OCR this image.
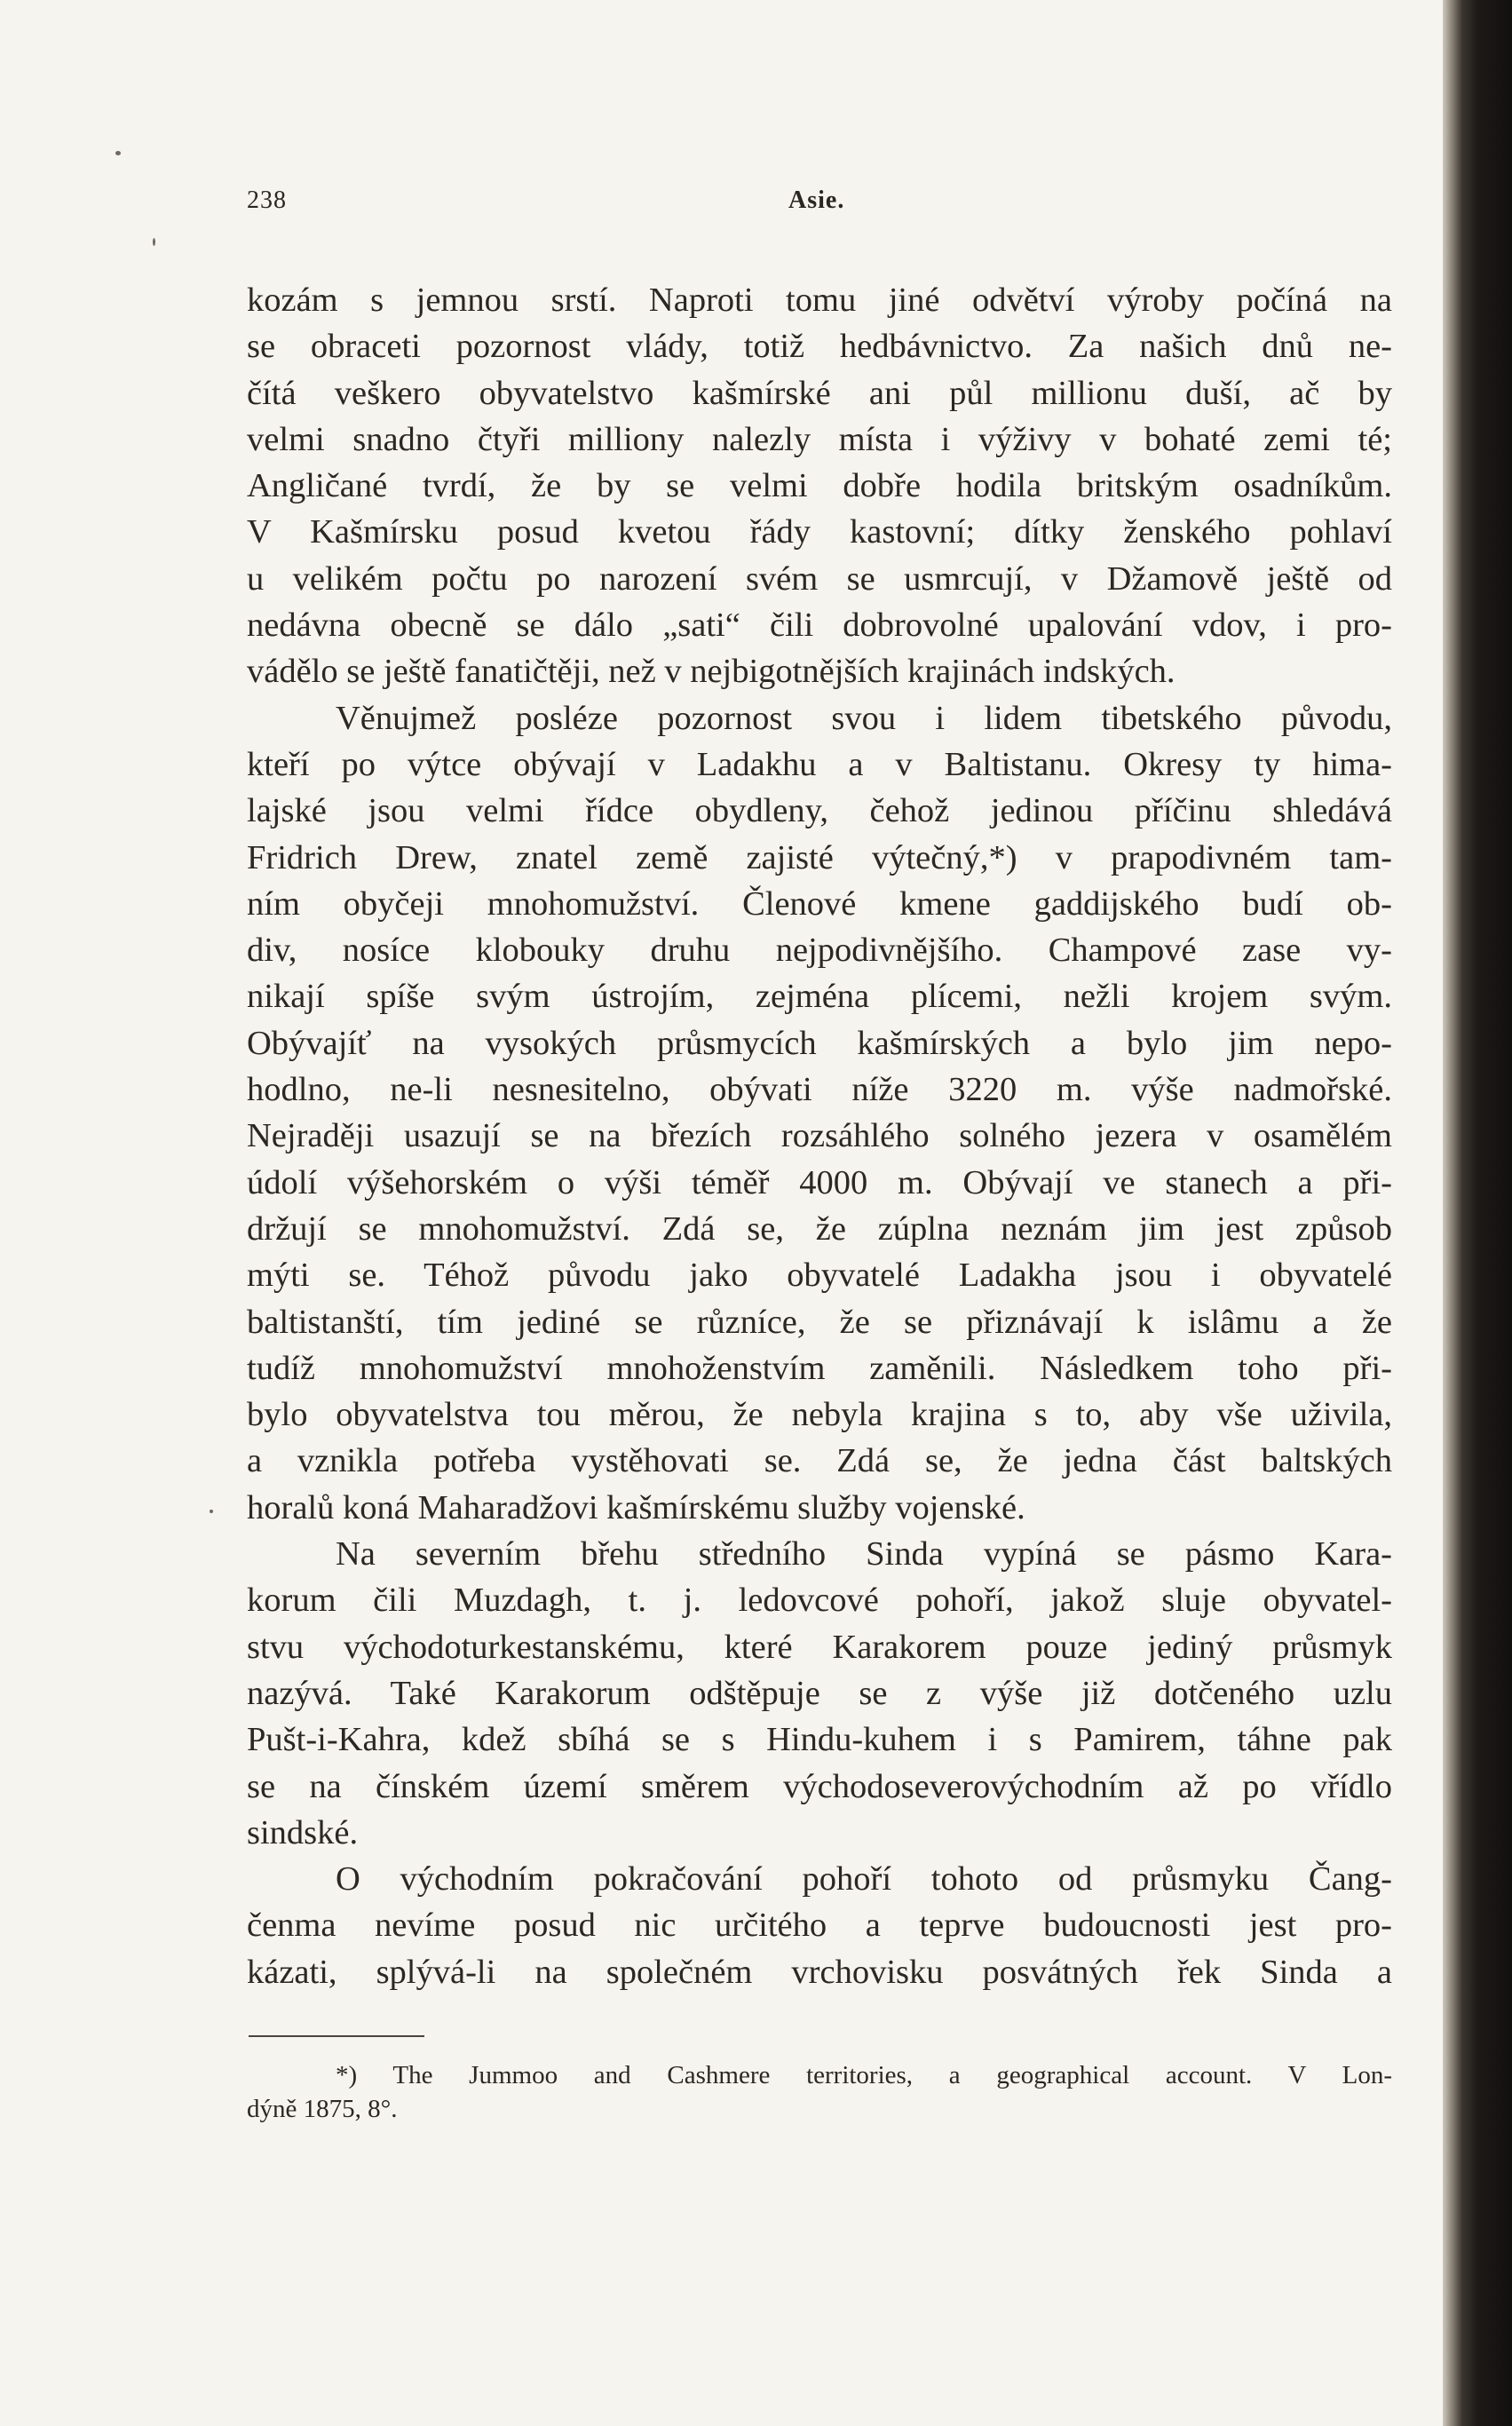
238	Asie.
kozám s jemnou srstí. Naproti tomu jiné odvětví výroby počíná na
se obraceti pozornost vlády, totiž hedbávnictvo. Za našich dnů ne-
čítá veškero obyvatelstvo kašmírské ani půl millionu duší, ač by
velmi snadno čtyři milliony nalezly místa i výživy v bohaté zemi té;
Angličané tvrdí, že by se velmi dobře hodila britským osadníkům.
V Kašmírsku posud kvetou řády kastovní; dítky ženského pohlaví
u velikém počtu po narození svém se usmrcují, v Džamově ještě od
nedávna obecně se dálo „sati“ čili dobrovolné upalování vdov, i pro-
vádělo se ještě fanatičtěji, než v nejbigotnějších krajinách indských.
Věnujmež posléze pozornost svou i lidem tibetského původu,
kteří po výtce obývají v Ladakhu a v Baltistanu. Okresy ty hima-
lajské jsou velmi řídce obydleny, čehož jedinou příčinu shledává
Fridrich Drew, znatel země zajisté výtečný,*) v prapodivném tam-
ním obyčeji mnohomužství. Členové kmene gaddijského budí ob-
div, nosíce klobouky druhu nejpodivnějšího. Champové zase vy-
nikají spíše svým ústrojím, zejména plícemi, nežli krojem svým.
Obývajíť na vysokých průsmycích kašmírských a bylo jim nepo-
hodlno, ne-li nesnesitelno, obývati níže 3220 m. výše nadmořské.
Nejraději usazují se na březích rozsáhlého solného jezera v osamělém
údolí výšehorském o výši téměř 4000 m. Obývají ve stanech a při-
držují se mnohomužství. Zdá se, že zúplna neznám jim jest způsob
mýti se. Téhož původu jako obyvatelé Ladakha jsou i obyvatelé
baltistanští, tím jediné se různíce, že se přiznávají k islâmu a že
tudíž mnohomužství mnohoženstvím zaměnili. Následkem toho při-
bylo obyvatelstva tou měrou, že nebyla krajina s to, aby vše uživila,
a vznikla potřeba vystěhovati se. Zdá se, že jedna část baltských
horalů koná Maharadžovi kašmírskému služby vojenské.
Na severním břehu středního Sinda vypíná se pásmo Kara-
korum čili Muzdagh, t. j. ledovcové pohoří, jakož sluje obyvatel-
stvu východoturkestanskému, které Karakorem pouze jediný průsmyk
nazývá. Také Karakorum odštěpuje se z výše již dotčeného uzlu
Pušt-i-Kahra, kdež sbíhá se s Hindu-kuhem i s Pamirem, táhne pak
se na čínském území směrem východoseverovýchodním až po vřídlo
sindské.
O východním pokračování pohoří tohoto od průsmyku Čang-
čenma nevíme posud nic určitého a teprve budoucnosti jest pro-
kázati, splývá-li na společném vrchovisku posvátných řek Sinda a
*) The Jummoo and Cashmere territories, a geographical account. V Lon-
dýně 1875, 8°.
